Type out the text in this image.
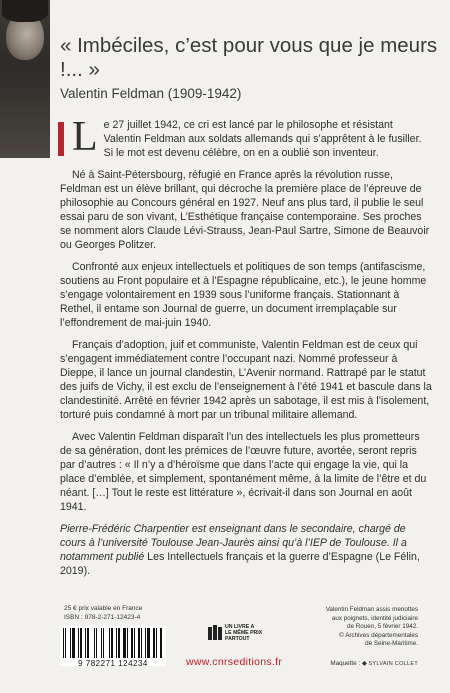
« Imbéciles, c’est pour vous que je meurs !... »

Valentin Feldman (1909-1942)

Le 27 juillet 1942, ce cri est lancé par le philosophe et résistant Valentin Feldman aux soldats allemands qui s’apprêtent à le fusiller. Si le mot est devenu célèbre, on en a oublié son inventeur.

Né à Saint-Pétersbourg, réfugié en France après la révolution russe, Feldman est un élève brillant, qui décroche la première place de l’épreuve de philosophie au Concours général en 1927. Neuf ans plus tard, il publie le seul essai paru de son vivant, L’Esthétique française contemporaine. Ses proches se nomment alors Claude Lévi-Strauss, Jean-Paul Sartre, Simone de Beauvoir ou Georges Politzer.

Confronté aux enjeux intellectuels et politiques de son temps (antifascisme, soutiens au Front populaire et à l’Espagne républicaine, etc.), le jeune homme s’engage volontairement en 1939 sous l’uniforme français. Stationnant à Rethel, il entame son Journal de guerre, un document irremplaçable sur l’effondrement de mai-juin 1940.

Français d’adoption, juif et communiste, Valentin Feldman est de ceux qui s’engagent immédiatement contre l’occupant nazi. Nommé professeur à Dieppe, il lance un journal clandestin, L’Avenir normand. Rattrapé par le statut des juifs de Vichy, il est exclu de l’enseignement à l’été 1941 et bascule dans la clandestinité. Arrêté en février 1942 après un sabotage, il est mis à l’isolement, torturé puis condamné à mort par un tribunal militaire allemand.

Avec Valentin Feldman disparaît l’un des intellectuels les plus prometteurs de sa génération, dont les prémices de l’œuvre future, avortée, seront repris par d’autres : « Il n’y a d’héroïsme que dans l’acte qui engage la vie, qui la place d’emblée, et simplement, spontanément même, à la limite de l’être et du néant. […] Tout le reste est littérature », écrivait-il dans son Journal en août 1941.

Pierre-Frédéric Charpentier est enseignant dans le secondaire, chargé de cours à l’université Toulouse Jean-Jaurès ainsi qu’à l’IEP de Toulouse. Il a notamment publié Les Intellectuels français et la guerre d’Espagne (Le Félin, 2019).

25 € prix valable en France
ISBN : 978-2-271-12423-4
9 782271 124234
UN LIVRE A
LE MÊME PRIX
PARTOUT
www.cnrseditions.fr
Valentin Feldman assis menottes
aux poignets, identité judiciaire
de Rouen, 5 février 1942.
© Archives départementales
de Seine-Maritime.
Maquette : ◆ SYLVAIN COLLET
